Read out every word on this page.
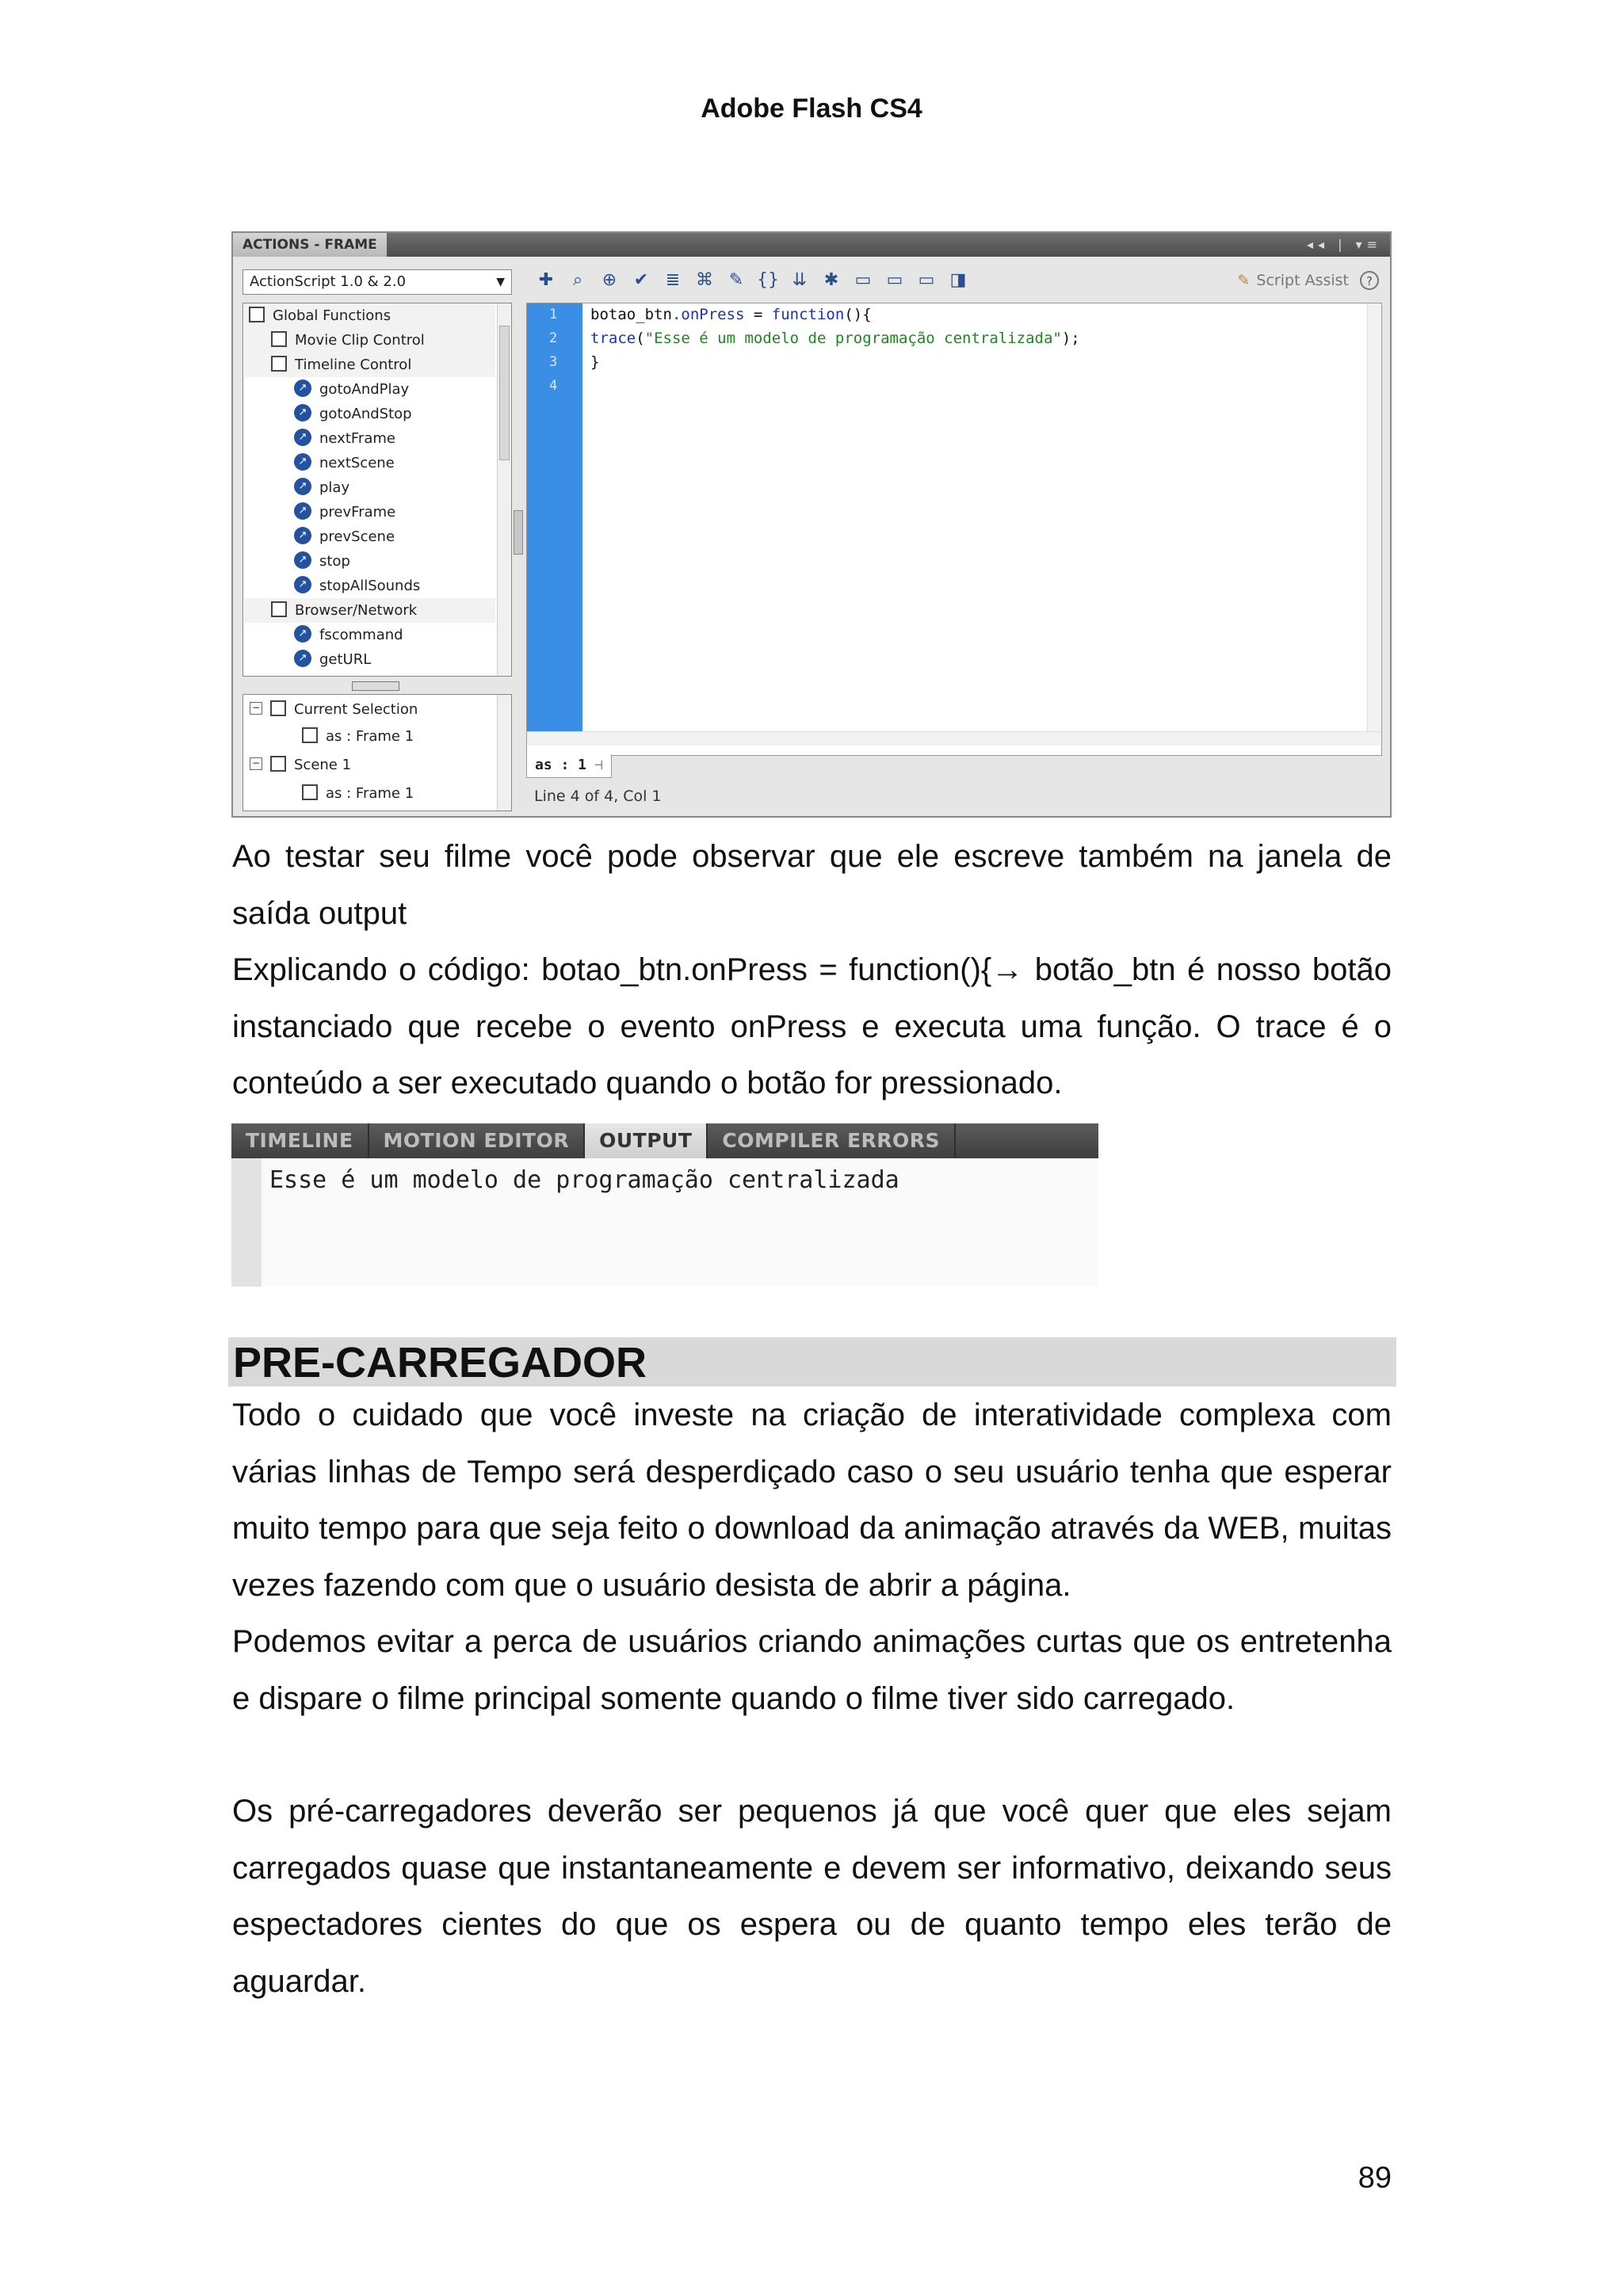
Adobe Flash CS4
ACTIONS - FRAME	◂◂ | ▾≡
ActionScript 1.0 & 2.0	▼ ✚	⌕	⊕ ✔ ≣ ⌘ ✎ {} ⇊ ✱ ▭ ▭ ▭ ◨	✎ Script Assist	?
Global Functions
Movie Clip Control
Timeline Control
↗ gotoAndPlay
↗ gotoAndStop
↗ nextFrame
↗ nextScene
↗ play
↗ prevFrame
↗ prevScene
↗ stop
↗ stopAllSounds
Browser/Network
↗ fscommand
↗ getURL
− Current Selection
as : Frame 1
− Scene 1
as : Frame 1
1
2
3
4
botao_btn.onPress = function(){
trace("Esse é um modelo de programação centralizada");
}
as : 1 ⊣
Line 4 of 4, Col 1

Ao testar seu filme você pode observar que ele escreve também na janela de saída output

Explicando o código: botao_btn.onPress = function(){→ botão_btn é nosso botão instanciado que recebe o evento onPress e executa uma função. O trace é o conteúdo a ser executado quando o botão for pressionado.

TIMELINE	MOTION EDITOR	OUTPUT	COMPILER ERRORS
Esse é um modelo de programação centralizada
PRE-CARREGADOR

Todo o cuidado que você investe na criação de interatividade complexa com várias linhas de Tempo será desperdiçado caso o seu usuário tenha que esperar muito tempo para que seja feito o download da animação através da WEB, muitas vezes fazendo com que o usuário desista de abrir a página.

Podemos evitar a perca de usuários criando animações curtas que os entretenha e dispare o filme principal somente quando o filme tiver sido carregado.

Os pré-carregadores deverão ser pequenos já que você quer que eles sejam carregados quase que instantaneamente e devem ser informativo, deixando seus espectadores cientes do que os espera ou de quanto tempo eles terão de aguardar.

89
